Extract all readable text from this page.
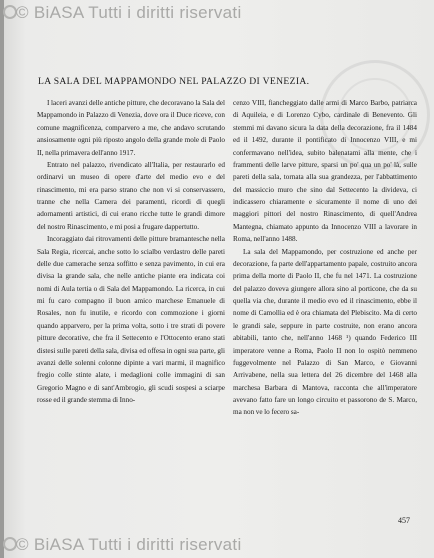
© BiASA Tutti i diritti riservati
LA SALA DEL MAPPAMONDO NEL PALAZZO DI VENEZIA.

I laceri avanzi delle antiche pitture, che decoravano la Sala del Mappamondo in Palazzo di Venezia, dove ora il Duce riceve, con comune magnificenza, comparvero a me, che andavo scrutando ansiosamente ogni più riposto angolo della grande mole di Paolo II, nella primavera dell'anno 1917.

Entrato nel palazzo, rivendicato all'Italia, per restaurarlo ed ordinarvi un museo di opere d'arte del medio evo e del rinascimento, mi era parso strano che non vi si conservassero, tranne che nella Camera dei paramenti, ricordi di quegli adornamenti artistici, di cui erano ricche tutte le grandi dimore del nostro Rinascimento, e mi posi a frugare dappertutto.

Incoraggiato dai ritrovamenti delle pitture bramantesche nella Sala Regia, ricercai, anche sotto lo scialbo verdastro delle pareti delle due camerache senza soffitto e senza pavimento, in cui era divisa la grande sala, che nelle antiche piante era indicata coi nomi di Aula tertia o di Sala del Mappamondo. La ricerca, in cui mi fu caro compagno il buon amico marchese Emanuele di Rosales, non fu inutile, e ricordo con commozione i giorni quando apparvero, per la prima volta, sotto i tre strati di povere pitture decorative, che fra il Settecento e l'Ottocento erano stati distesi sulle pareti della sala, divisa ed offesa in ogni sua parte, gli avanzi delle solenni colonne dipinte a vari marmi, il magnifico fregio colle stinte alate, i medaglioni colle immagini di san Gregorio Magno e di sant'Ambrogio, gli scudi sospesi a sciarpe rosse ed il grande stemma di Inno-

cenzo VIII, fiancheggiato dalle armi di Marco Barbo, patriarca di Aquileia, e di Lorenzo Cybo, cardinale di Benevento. Gli stemmi mi davano sicura la data della decorazione, fra il 1484 ed il 1492, durante il pontificato di Innocenzo VIII, e mi confermavano nell'idea, subito balenatami alla mente, che i frammenti delle larve pitture, sparsi un po' qua un po' là, sulle pareti della sala, tornata alla sua grandezza, per l'abbattimento del massiccio muro che sino dal Settecento la divideva, ci indicassero chiaramente e sicuramente il nome di uno dei maggiori pittori del nostro Rinascimento, di quell'Andrea Mantegna, chiamato appunto da Innocenzo VIII a lavorare in Roma, nell'anno 1488.

La sala del Mappamondo, per costruzione ed anche per decorazione, fa parte dell'appartamento papale, costruito ancora prima della morte di Paolo II, che fu nel 1471. La costruzione del palazzo doveva giungere allora sino al porticone, che da su quella via che, durante il medio evo ed il rinascimento, ebbe il nome di Camollia ed è ora chiamata del Plebiscito. Ma di certo le grandi sale, seppure in parte costruite, non erano ancora abitabili, tanto che, nell'anno 1468 ¹) quando Federico III imperatore venne a Roma, Paolo II non lo ospitò nemmeno fuggevolmente nel Palazzo di San Marco, e Giovanni Arrivabene, nella sua lettera del 26 dicembre del 1468 alla marchesa Barbara di Mantova, racconta che all'imperatore avevano fatto fare un longo circuito et passorono de S. Marco, ma non ve lo fecero sa-

457
© BiASA Tutti i diritti riservati
